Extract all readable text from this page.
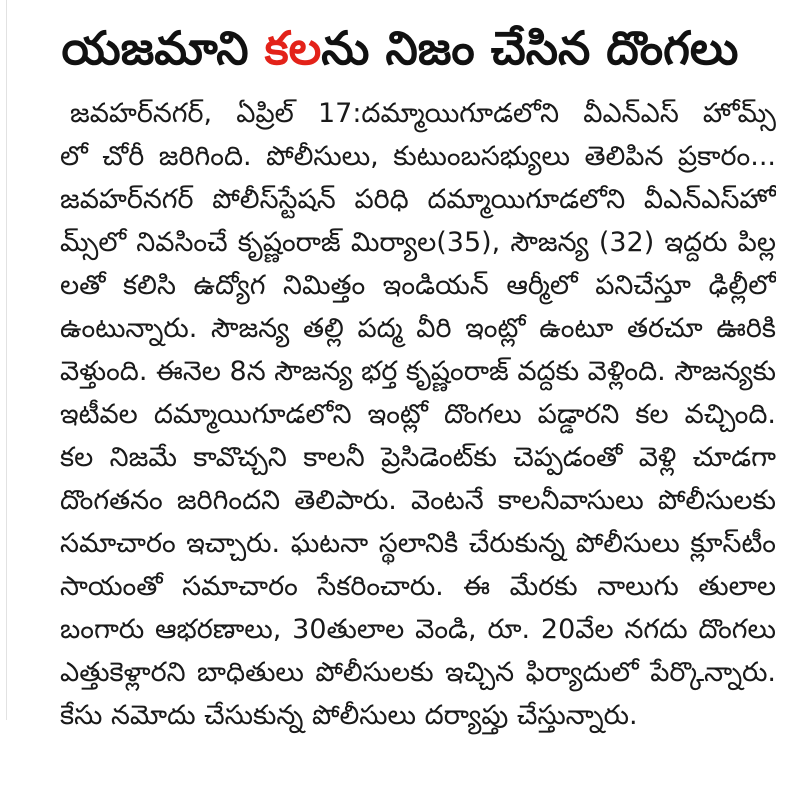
యజమాని కలను నిజం చేసిన దొంగలు
జవహర్‌నగర్, ఏప్రిల్ 17:దమ్మాయిగూడలోని వీఎన్ఎస్ హోమ్స్
లో చోరీ జరిగింది. పోలీసులు, కుటుంబసభ్యులు తెలిపిన ప్రకారం...
జవహర్‌నగర్ పోలీస్‌స్టేషన్ పరిధి దమ్మాయిగూడలోని వీఎన్ఎస్‌హో
మ్స్‌లో నివసించే కృష్ణంరాజ్ మిర్యాల(35), సౌజన్య (32) ఇద్దరు పిల్ల
లతో కలిసి ఉద్యోగ నిమిత్తం ఇండియన్ ఆర్మీలో పనిచేస్తూ ఢిల్లీలో
ఉంటున్నారు. సౌజన్య తల్లి పద్మ వీరి ఇంట్లో ఉంటూ తరచూ ఊరికి
వెళ్తుంది. ఈనెల 8న సౌజన్య భర్త కృష్ణంరాజ్ వద్దకు వెళ్లింది. సౌజన్యకు
ఇటీవల దమ్మాయిగూడలోని ఇంట్లో దొంగలు పడ్డారని కల వచ్చింది.
కల నిజమే కావొచ్చని కాలనీ ప్రెసిడెంట్‌కు చెప్పడంతో వెళ్లి చూడగా
దొంగతనం జరిగిందని తెలిపారు. వెంటనే కాలనీవాసులు పోలీసులకు
సమాచారం ఇచ్చారు. ఘటనా స్థలానికి చేరుకున్న పోలీసులు క్లూస్‌టీం
సాయంతో సమాచారం సేకరించారు. ఈ మేరకు నాలుగు తులాల
బంగారు ఆభరణాలు, 30తులాల వెండి, రూ. 20వేల నగదు దొంగలు
ఎత్తుకెళ్లారని బాధితులు పోలీసులకు ఇచ్చిన ఫిర్యాదులో పేర్కొన్నారు.
కేసు నమోదు చేసుకున్న పోలీసులు దర్యాప్తు చేస్తున్నారు.
